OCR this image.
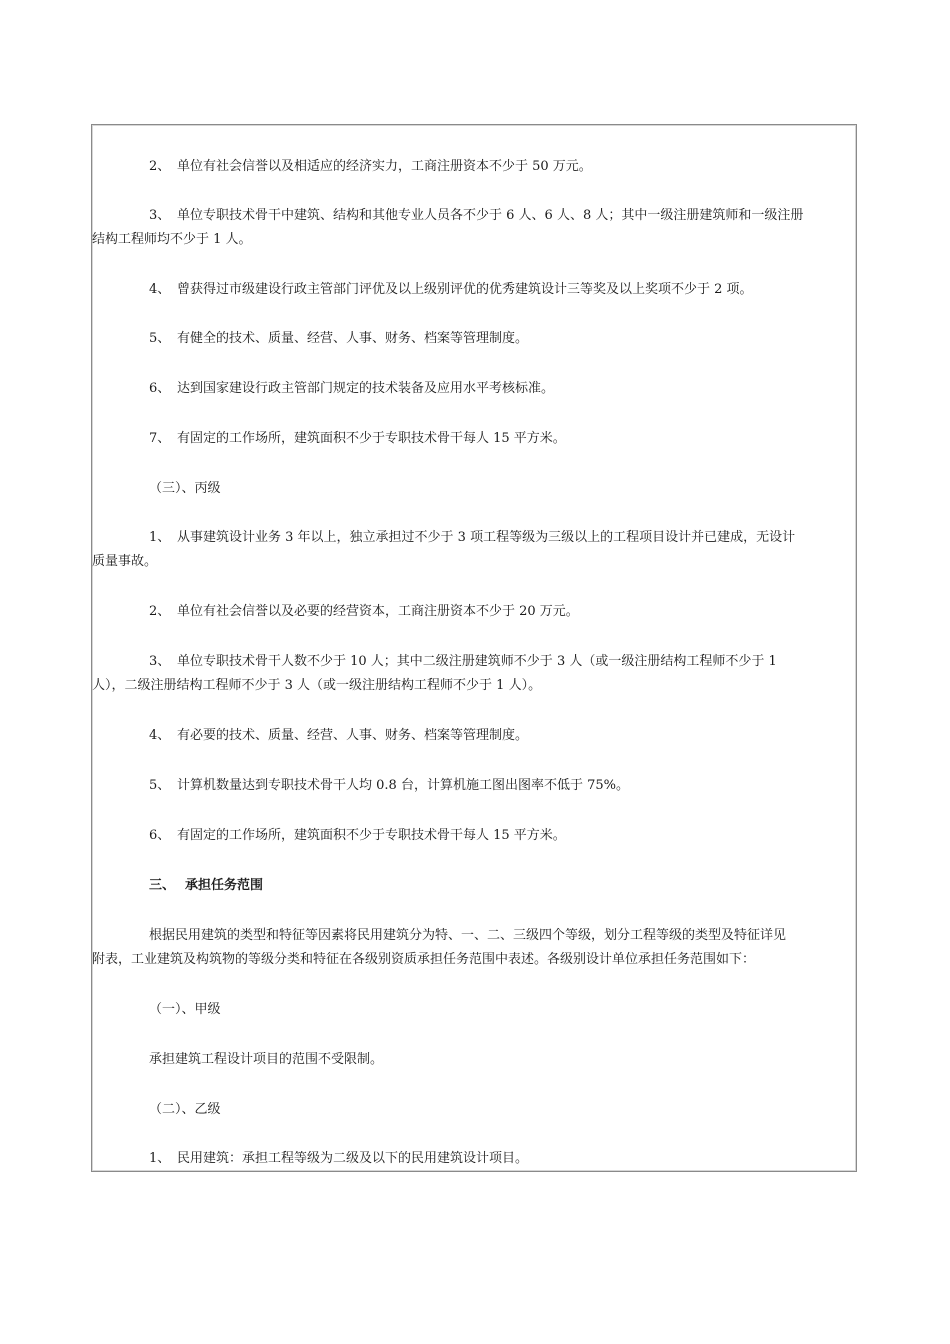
2、 单位有社会信誉以及相适应的经济实力，工商注册资本不少于 50 万元。
3、 单位专职技术骨干中建筑、结构和其他专业人员各不少于 6 人、6 人、8 人；其中一级注册建筑师和一级注册
结构工程师均不少于 1 人。
4、 曾获得过市级建设行政主管部门评优及以上级别评优的优秀建筑设计三等奖及以上奖项不少于 2 项。
5、 有健全的技术、质量、经营、人事、财务、档案等管理制度。
6、 达到国家建设行政主管部门规定的技术装备及应用水平考核标准。
7、 有固定的工作场所，建筑面积不少于专职技术骨干每人 15 平方米。
（三）、丙级
1、 从事建筑设计业务 3 年以上，独立承担过不少于 3 项工程等级为三级以上的工程项目设计并已建成，无设计
质量事故。
2、 单位有社会信誉以及必要的经营资本，工商注册资本不少于 20 万元。
3、 单位专职技术骨干人数不少于 10 人；其中二级注册建筑师不少于 3 人（或一级注册结构工程师不少于 1
人），二级注册结构工程师不少于 3 人（或一级注册结构工程师不少于 1 人）。
4、 有必要的技术、质量、经营、人事、财务、档案等管理制度。
5、 计算机数量达到专职技术骨干人均 0.8 台，计算机施工图出图率不低于 75%。
6、 有固定的工作场所，建筑面积不少于专职技术骨干每人 15 平方米。
三、 承担任务范围
根据民用建筑的类型和特征等因素将民用建筑分为特、一、二、三级四个等级，划分工程等级的类型及特征详见
附表，工业建筑及构筑物的等级分类和特征在各级别资质承担任务范围中表述。各级别设计单位承担任务范围如下：
（一）、甲级
承担建筑工程设计项目的范围不受限制。
（二）、乙级
1、 民用建筑：承担工程等级为二级及以下的民用建筑设计项目。
